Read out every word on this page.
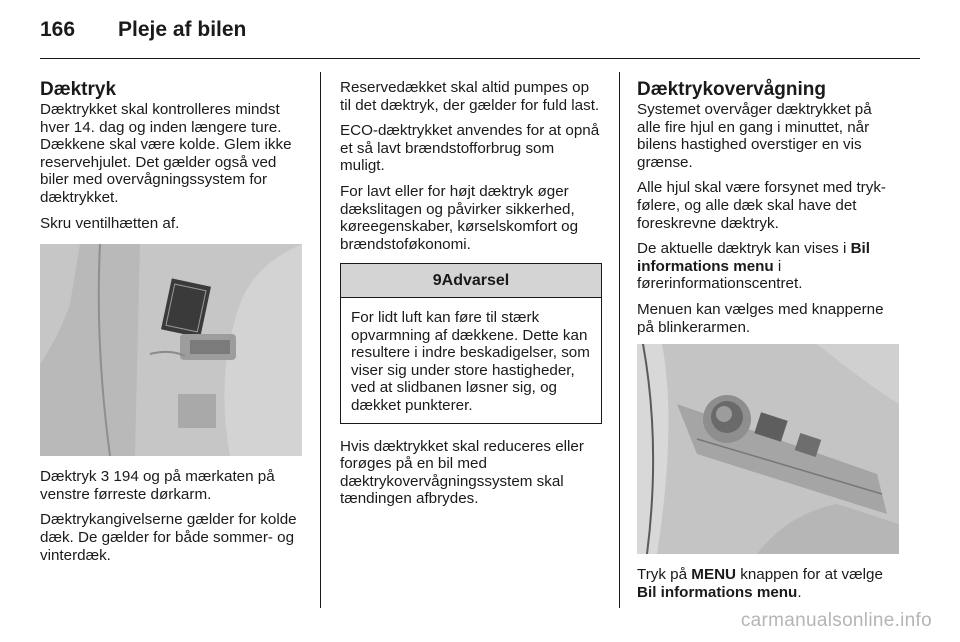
166 Pleje af bilen
Dæktryk

Dæktrykket skal kontrolleres mindst hver 14. dag og inden længere ture. Dækkene skal være kolde. Glem ikke reservehjulet. Det gælder også ved biler med overvågningssystem for dæktrykket.

Skru ventilhætten af.

Dæktryk 3 194 og på mærkaten på venstre førreste dørkarm.

Dæktrykangivelserne gælder for kolde dæk. De gælder for både sommer- og vinterdæk.

Reservedækket skal altid pumpes op til det dæktryk, der gælder for fuld last.

ECO-dæktrykket anvendes for at opnå et så lavt brændstofforbrug som muligt.

For lavt eller for højt dæktryk øger dækslitagen og påvirker sikkerhed, køreegenskaber, kørselskomfort og brændstoføkonomi.

9Advarsel
For lidt luft kan føre til stærk opvarmning af dækkene. Dette kan resultere i indre beskadigelser, som viser sig under store hastigheder, ved at slidbanen løsner sig, og dækket punkterer.

Hvis dæktrykket skal reduceres eller forøges på en bil med dæktrykovervågningssystem skal tændingen afbrydes.

Dæktrykovervågning

Systemet overvåger dæktrykket på alle fire hjul en gang i minuttet, når bilens hastighed overstiger en vis grænse.

Alle hjul skal være forsynet med tryk-følere, og alle dæk skal have det foreskrevne dæktryk.

De aktuelle dæktryk kan vises i Bil informations menu i førerinformationscentret.

Menuen kan vælges med knapperne på blinkerarmen.

Tryk på MENU knappen for at vælge Bil informations menu.

carmanualsonline.info
